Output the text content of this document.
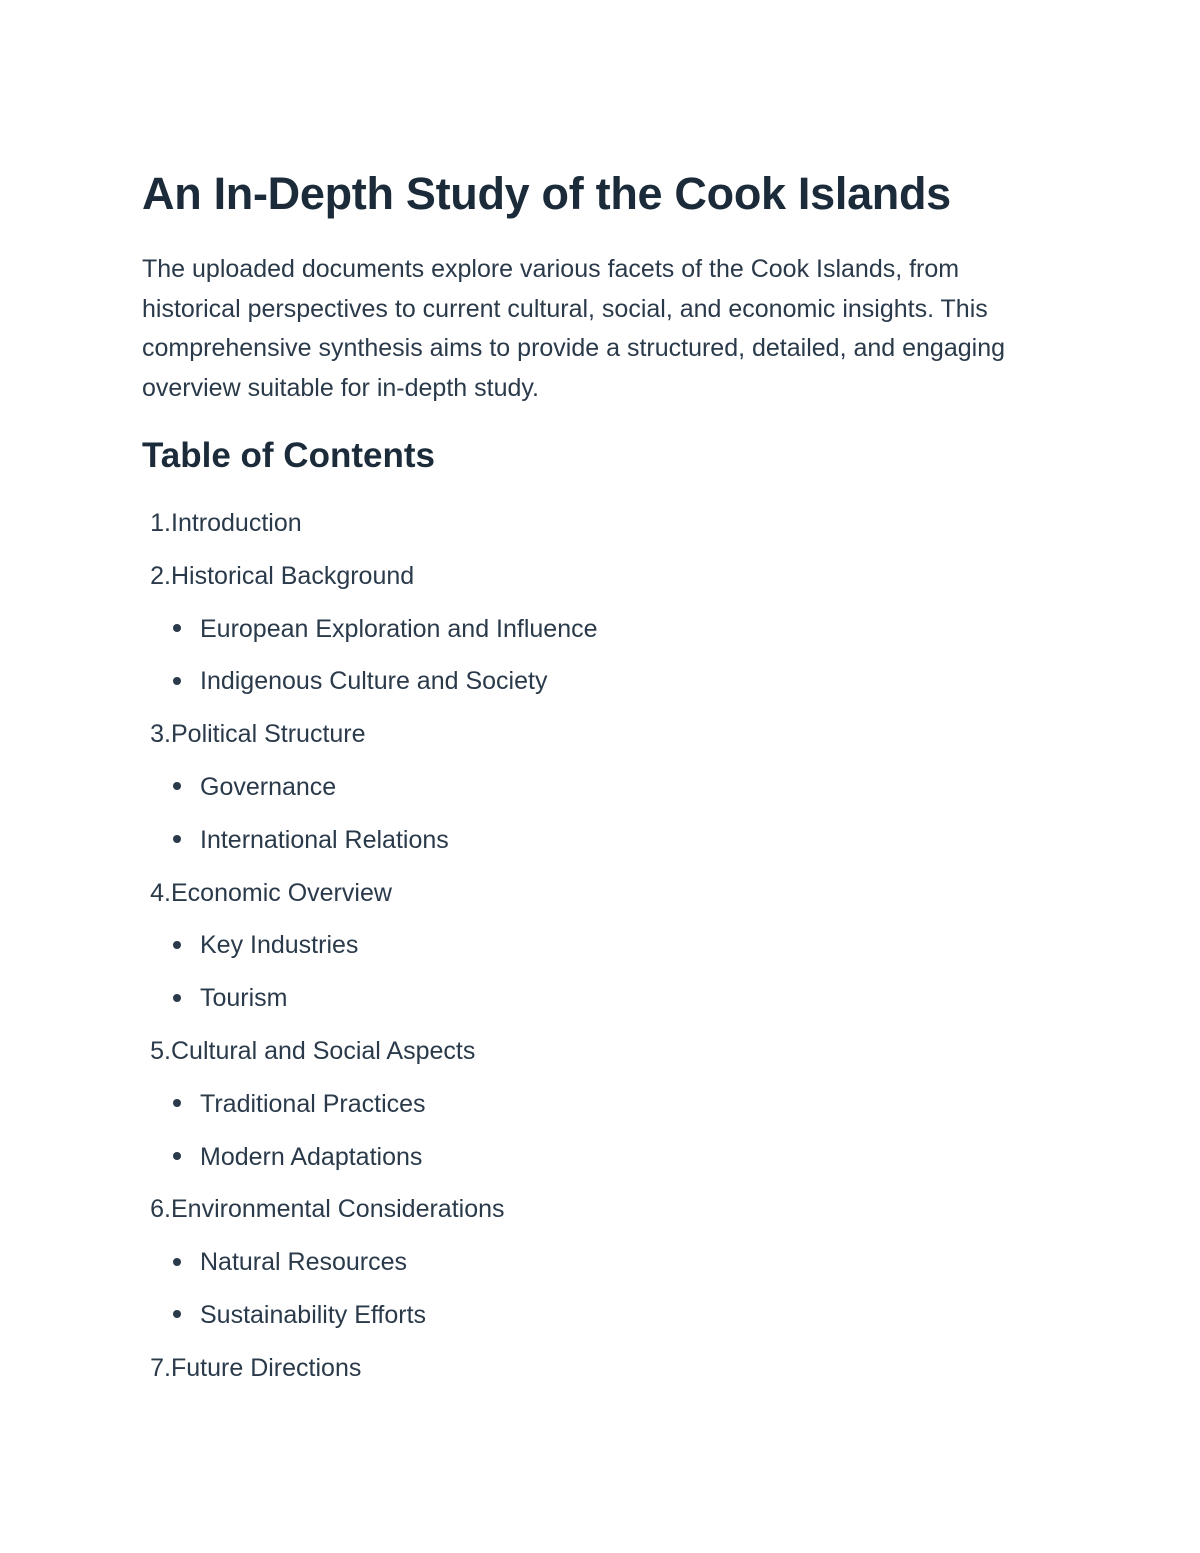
An In-Depth Study of the Cook Islands

The uploaded documents explore various facets of the Cook Islands, from historical perspectives to current cultural, social, and economic insights. This comprehensive synthesis aims to provide a structured, detailed, and engaging overview suitable for in-depth study.

Table of Contents
1.Introduction
2.Historical Background
European Exploration and Influence
Indigenous Culture and Society
3.Political Structure
Governance
International Relations
4.Economic Overview
Key Industries
Tourism
5.Cultural and Social Aspects
Traditional Practices
Modern Adaptations
6.Environmental Considerations
Natural Resources
Sustainability Efforts
7.Future Directions
